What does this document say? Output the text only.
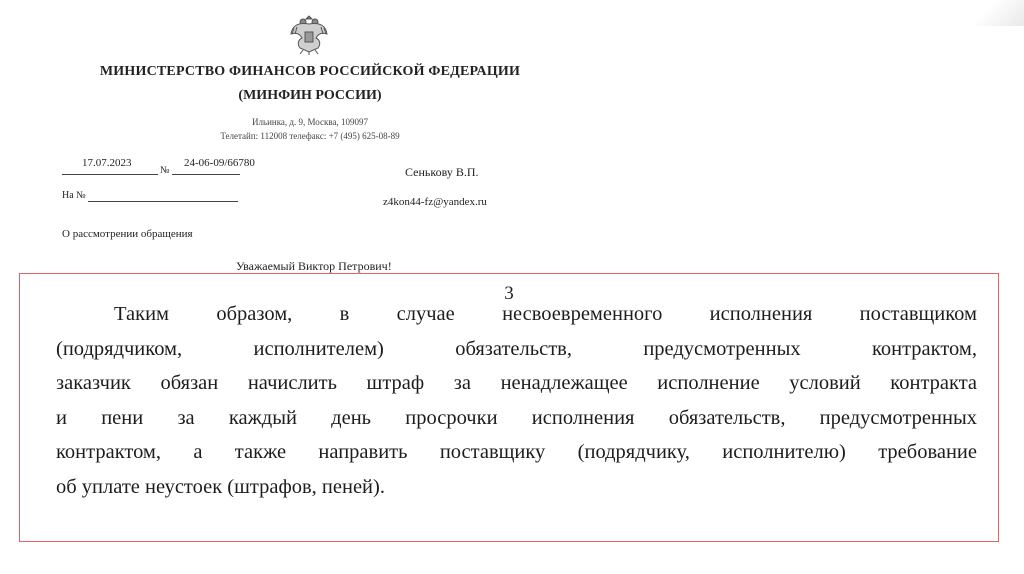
МИНИСТЕРСТВО ФИНАНСОВ РОССИЙСКОЙ ФЕДЕРАЦИИ
(МИНФИН РОССИИ)
Ильинка, д. 9, Москва, 109097
Телетайп: 112008 телефакс: +7 (495) 625-08-89
17.07.2023
№
24-06-09/66780
На №
Сенькову В.П.
z4kon44-fz@yandex.ru
О рассмотрении обращения
Уважаемый Виктор Петрович!
3
Таким образом, в случае несвоевременного исполнения поставщиком
(подрядчиком, исполнителем) обязательств, предусмотренных контрактом,
заказчик обязан начислить штраф за ненадлежащее исполнение условий контракта
и пени за каждый день просрочки исполнения обязательств, предусмотренных
контрактом, а также направить поставщику (подрядчику, исполнителю) требование
об уплате неустоек (штрафов, пеней).
